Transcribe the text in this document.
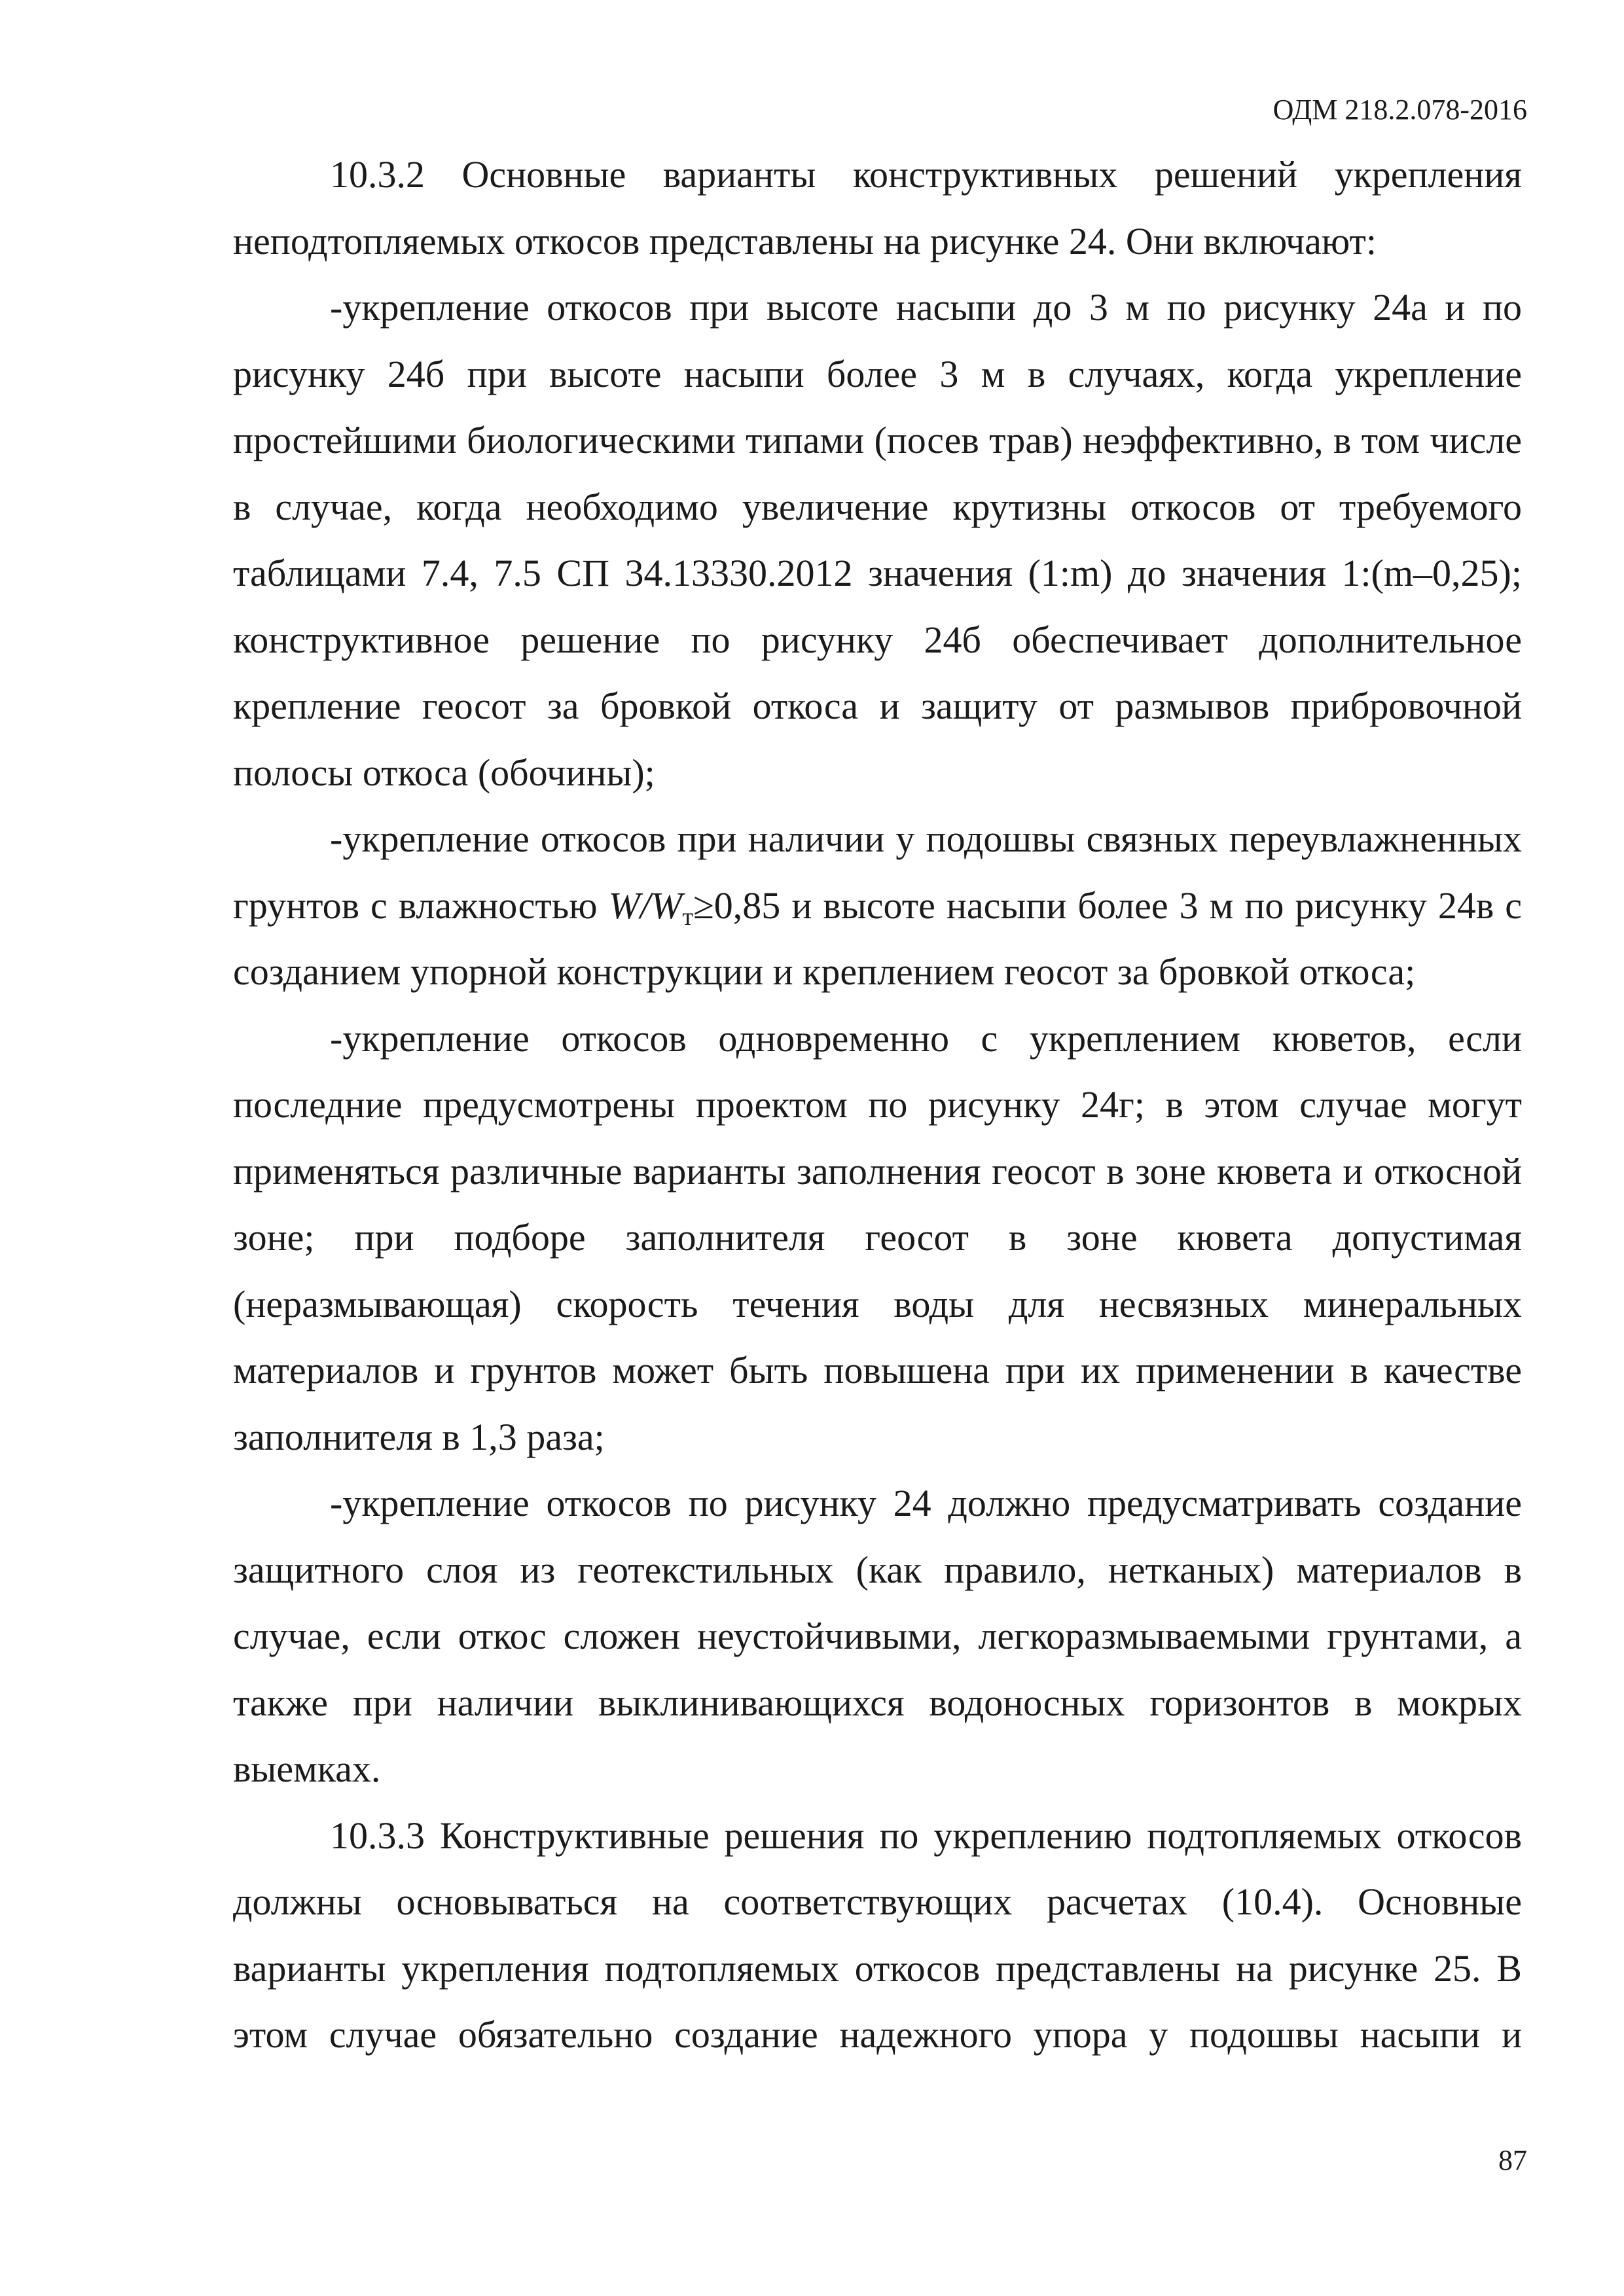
ОДМ 218.2.078-2016

10.3.2 Основные варианты конструктивных решений укрепления неподтопляемых откосов представлены на рисунке 24. Они включают:

-укрепление откосов при высоте насыпи до 3 м по рисунку 24а и по рисунку 24б при высоте насыпи более 3 м в случаях, когда укрепление простейшими биологическими типами (посев трав) неэффективно, в том числе в случае, когда необходимо увеличение крутизны откосов от требуемого таблицами 7.4, 7.5 СП 34.13330.2012 значения (1:m) до значения 1:(m–0,25); конструктивное решение по рисунку 24б обеспечивает дополнительное крепление геосот за бровкой откоса и защиту от размывов прибровочной полосы откоса (обочины);

-укрепление откосов при наличии у подошвы связных переувлажненных грунтов с влажностью $W/W_т\ge 0,85$ и высоте насыпи более 3 м по рисунку 24в с созданием упорной конструкции и креплением геосот за бровкой откоса;

-укрепление откосов одновременно с укреплением кюветов, если последние предусмотрены проектом по рисунку 24г; в этом случае могут применяться различные варианты заполнения геосот в зоне кювета и откосной зоне; при подборе заполнителя геосот в зоне кювета допустимая (неразмывающая) скорость течения воды для несвязных минеральных материалов и грунтов может быть повышена при их применении в качестве заполнителя в 1,3 раза;

-укрепление откосов по рисунку 24 должно предусматривать создание защитного слоя из геотекстильных (как правило, нетканых) материалов в случае, если откос сложен неустойчивыми, легкоразмываемыми грунтами, а также при наличии выклинивающихся водоносных горизонтов в мокрых выемках.

10.3.3 Конструктивные решения по укреплению подтопляемых откосов должны основываться на соответствующих расчетах (10.4). Основные варианты укрепления подтопляемых откосов представлены на рисунке 25. В этом случае обязательно создание надежного упора у подошвы насыпи и

87
